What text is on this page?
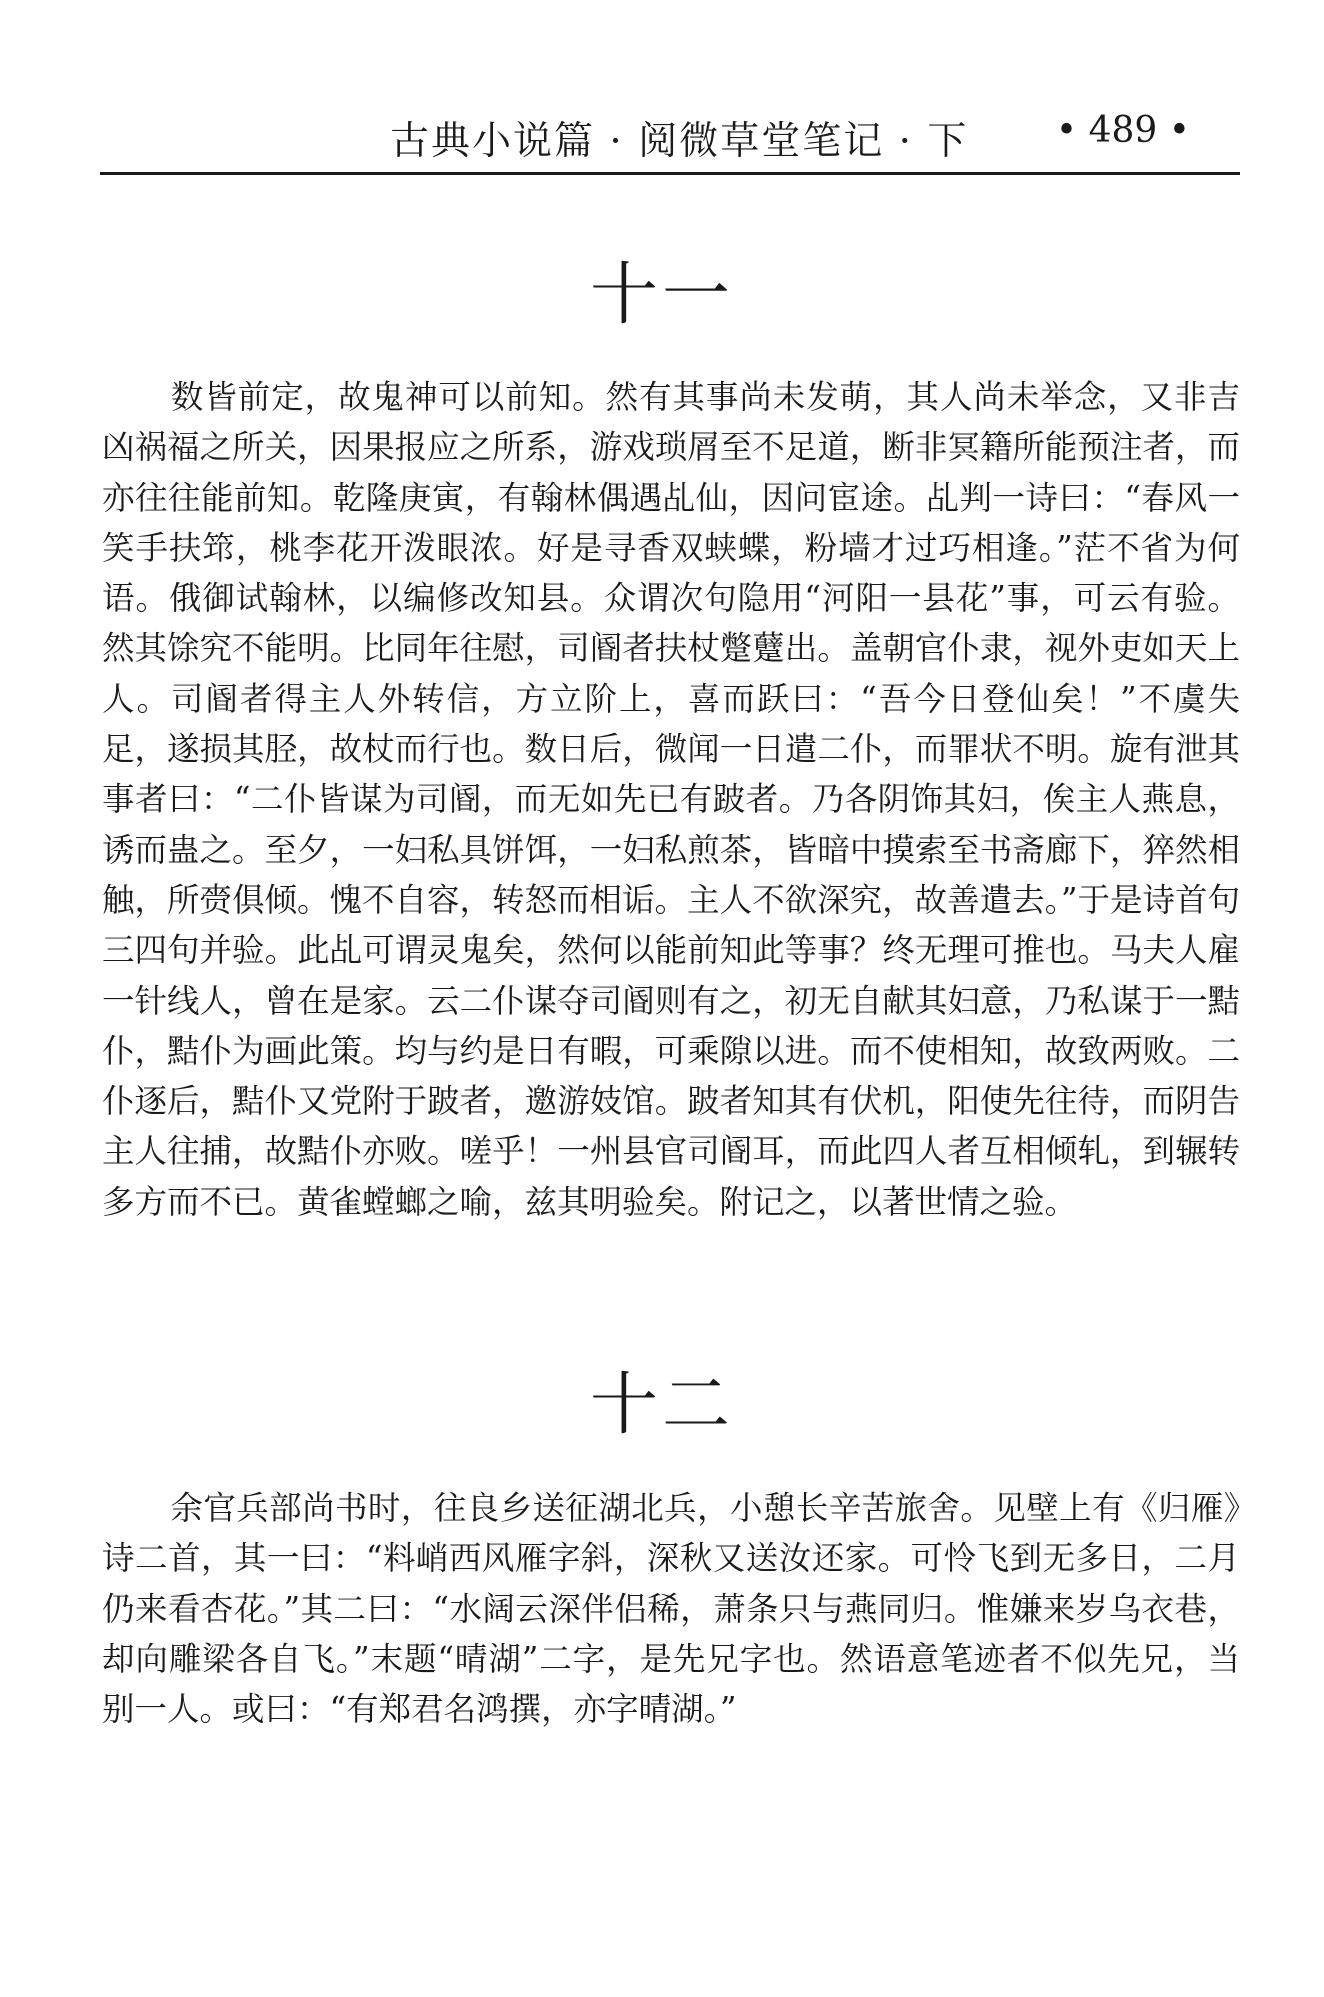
古典小说篇 · 阅微草堂笔记 · 下 • 489 •
十一

数皆前定，故鬼神可以前知。然有其事尚未发萌，其人尚未举念，又非吉凶祸福之所关，因果报应之所系，游戏琐屑至不足道，断非冥籍所能预注者，而亦往往能前知。乾隆庚寅，有翰林偶遇乩仙，因问宦途。乩判一诗曰：“春风一笑手扶筇，桃李花开泼眼浓。好是寻香双蛱蝶，粉墙才过巧相逢。”茫不省为何语。俄御试翰林，以编修改知县。众谓次句隐用“河阳一县花”事，可云有验。然其馀究不能明。比同年往慰，司阍者扶杖蹩躠出。盖朝官仆隶，视外吏如天上人。司阍者得主人外转信，方立阶上，喜而跃曰：“吾今日登仙矣！”不虞失足，遂损其胫，故杖而行也。数日后，微闻一日遣二仆，而罪状不明。旋有泄其事者曰：“二仆皆谋为司阍，而无如先已有跛者。乃各阴饰其妇，俟主人燕息，诱而蛊之。至夕，一妇私具饼饵，一妇私煎茶，皆暗中摸索至书斋廊下，猝然相触，所赍俱倾。愧不自容，转怒而相诟。主人不欲深究，故善遣去。”于是诗首句三四句并验。此乩可谓灵鬼矣，然何以能前知此等事？终无理可推也。马夫人雇一针线人，曾在是家。云二仆谋夺司阍则有之，初无自献其妇意，乃私谋于一黠仆，黠仆为画此策。均与约是日有暇，可乘隙以进。而不使相知，故致两败。二仆逐后，黠仆又党附于跛者，邀游妓馆。跛者知其有伏机，阳使先往待，而阴告主人往捕，故黠仆亦败。嗟乎！一州县官司阍耳，而此四人者互相倾轧，到辗转多方而不已。黄雀螳螂之喻，兹其明验矣。附记之，以著世情之验。

十二

余官兵部尚书时，往良乡送征湖北兵，小憩长辛苦旅舍。见壁上有《归雁》诗二首，其一曰：“料峭西风雁字斜，深秋又送汝还家。可怜飞到无多日，二月仍来看杏花。”其二曰：“水阔云深伴侣稀，萧条只与燕同归。惟嫌来岁乌衣巷，却向雕梁各自飞。”末题“晴湖”二字，是先兄字也。然语意笔迹者不似先兄，当别一人。或曰：“有郑君名鸿撰，亦字晴湖。”
